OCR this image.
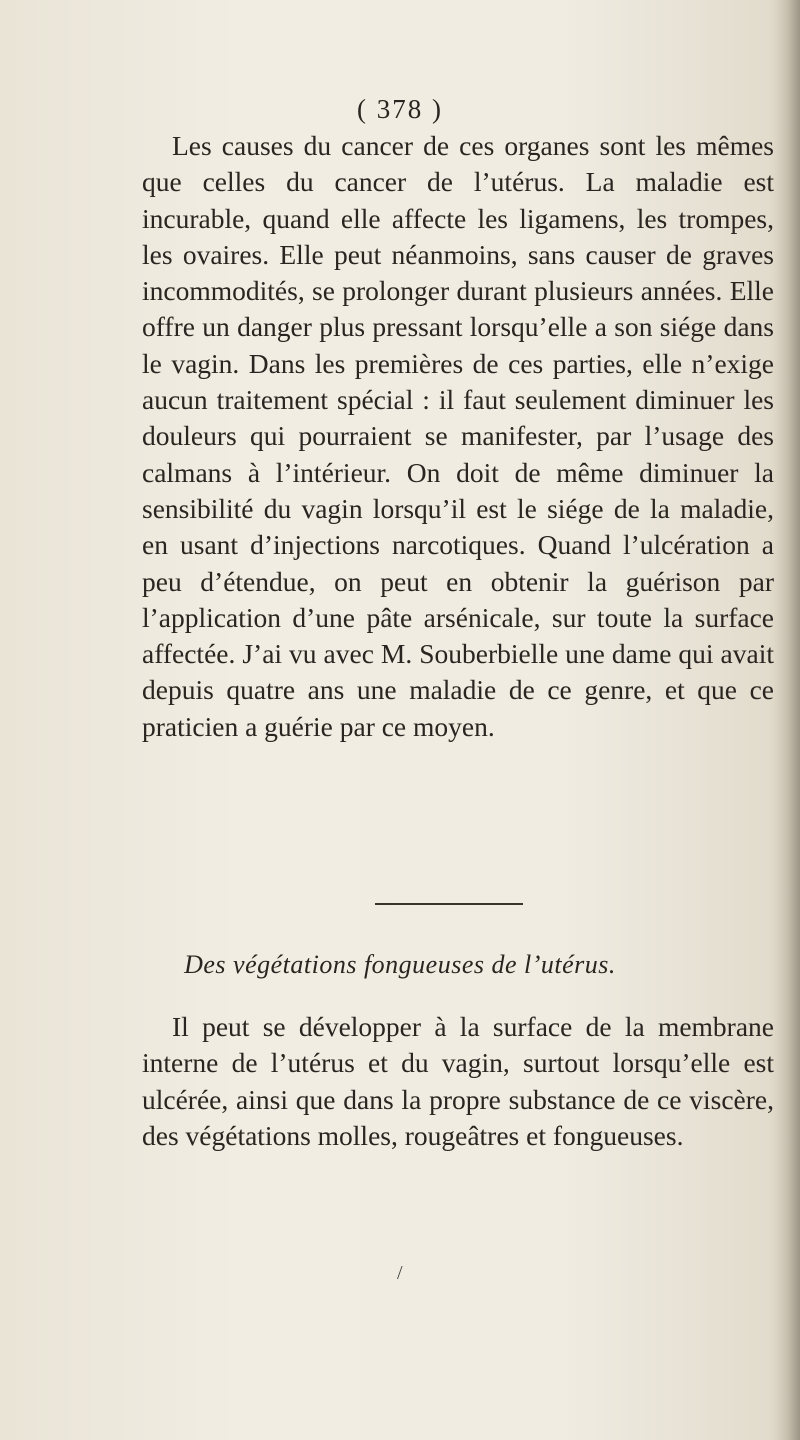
( 378 )

Les causes du cancer de ces organes sont les mêmes que celles du cancer de l’utérus. La maladie est incurable, quand elle affecte les ligamens, les trompes, les ovaires. Elle peut néanmoins, sans causer de graves incommodités, se prolonger durant plusieurs années. Elle offre un danger plus pressant lorsqu’elle a son siége dans le vagin. Dans les premières de ces parties, elle n’exige aucun traitement spécial : il faut seulement diminuer les douleurs qui pourraient se manifester, par l’usage des calmans à l’intérieur. On doit de même diminuer la sensibilité du vagin lorsqu’il est le siége de la maladie, en usant d’injections narcotiques. Quand l’ulcération a peu d’étendue, on peut en obtenir la guérison par l’application d’une pâte arsénicale, sur toute la surface affectée. J’ai vu avec M. Souberbielle une dame qui avait depuis quatre ans une maladie de ce genre, et que ce praticien a guérie par ce moyen.

Des végétations fongueuses de l’utérus.

Il peut se développer à la surface de la membrane interne de l’utérus et du vagin, surtout lorsqu’elle est ulcérée, ainsi que dans la propre substance de ce viscère, des végétations molles, rougeâtres et fongueuses.

/
